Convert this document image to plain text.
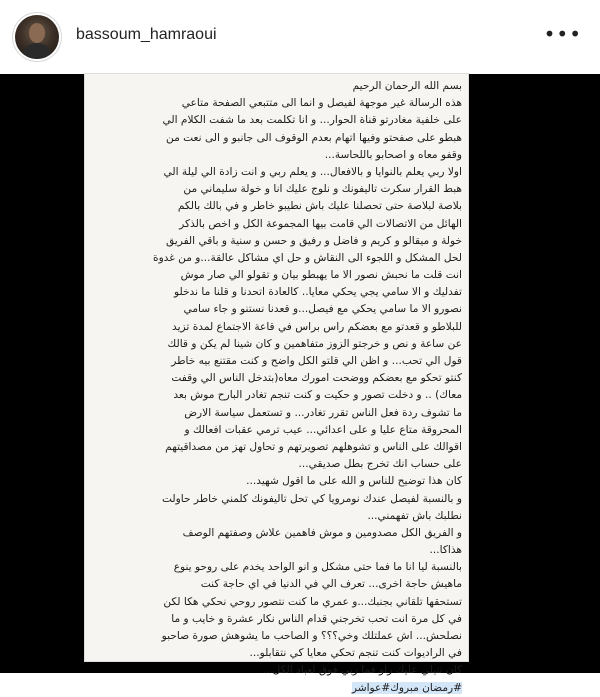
bassoum_hamraoui	•••
بسم الله الرحمان الرحيم
هذه الرسالة غير موجهة لفيصل و انما الى متتبعي الصفحة متاعي
على خلفية مغادرتو قناة الحوار... و انا تكلمت بعد ما شفت الكلام الي
هبطو على صفحتو وفيها اتهام بعدم الوقوف الى جانبو و الى نعت من
وقفو معاه و اصحابو باللحاسة...
اولا ربي يعلم بالنوايا و بالافعال... و يعلم ربي و انت زادة الي ليلة الي
هبط القرار سكرت تاليفونك و نلوج عليك انا و خولة سليماني من
بلاصة لبلاصة حتى تحصلنا عليك باش نطيبو خاطر و في بالك بالكم
الهائل من الاتصالات الي قامت بيها المجموعة الكل و اخص بالذكر
خولة و ميقالو و كريم و فاضل و رفيق و حسن و سنية و باقي الفريق
لحل المشكل و اللجوء الى النقاش و حل اي مشاكل عالقة...و من غدوة
انت قلت ما نحبش نصور الا ما يهبطو بيان و تقولو الي صار موش
تفدليك و الا سامي يجي يحكي معايا.. كالعادة اتحدنا و قلنا ما ندخلو
نصورو الا ما سامي يحكي مع فيصل...و قعدنا نستنو و جاء سامي
للبلاطو و قعدتو مع بعضكم راس براس في قاعة الاجتماع لمدة تزيد
عن ساعة و نص و خرجتو الزوز متفاهمين و كان شينا لم يكن و قالك
قول الي تحب... و اظن الي قلتو الكل واضح و كنت مقتنع بيه خاطر
كنتو تحكو مع بعضكم ووضحت امورك معاه(بتدخل الناس الي وقفت
معاك) .. و دخلت تصور و حكيت و كنت تنجم تغادر البارح موش بعد
ما تشوف ردة فعل الناس تقرر تغادر... و تستعمل سياسة الارض
المحروقة متاع عليا و على اعدائي... عيب ترمي عقبات افعالك و
اقوالك على الناس و تشوهلهم تصويرتهم و تحاول تهز من مصداقيتهم
على حساب انك تخرج بطل صديقي...
كان هذا توضيح للناس و الله على ما اقول شهيد...
و بالنسبة لفيصل عندك نومرويا كي تحل تاليفونك كلمني خاطر حاولت
نطلبك باش تفهمني...
و الفريق الكل مصدومين و موش فاهمين علاش وصفتهم الوصف
هذاكا...
بالنسبة ليا انا ما فما حتى مشكل و انو الواحد يخدم على روحو ينوع
ماهيش حاجة اخرى... تعرف الي في الدنيا في اي حاجة كنت
تستحقها تلقاني بجنبك...و عمري ما كنت نتصور روحي نحكي هكا لكن
في كل مرة انت تحب تخرجني قدام الناس نكار عشرة و خايب و ما
نصلحش... اش عملتلك وخي؟؟؟ و الصاحب ما يشوهش صورة صاحبو
في الراديوات كنت تنجم تحكي معايا كي نتقابلو...
كان نتيلي عليك راو فما ربي فوق لعباد الكل...
#رمضان مبروك#عواشر
